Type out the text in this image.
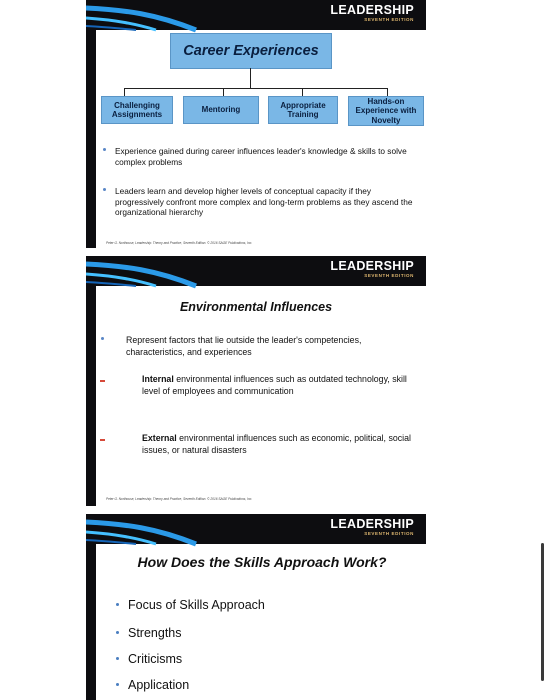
LEADERSHIP
SEVENTH EDITION
Career Experiences
Challenging Assignments
Mentoring
Appropriate Training
Hands-on Experience with Novelty
Experience gained during career influences leader's knowledge & skills to solve complex problems
Leaders learn and develop higher levels of conceptual capacity if they progressively confront more complex and long-term problems as they ascend the organizational hierarchy
Peter G. Northouse, Leadership: Theory and Practice, Seventh Edition. © 2016 SAGE Publications, Inc.
LEADERSHIP
SEVENTH EDITION
Environmental Influences
Represent factors that lie outside the leader's competencies, characteristics, and experiences
Internal environmental influences such as outdated technology, skill level of employees and communication
External environmental influences such as economic, political, social issues, or natural disasters
Peter G. Northouse, Leadership: Theory and Practice, Seventh Edition. © 2016 SAGE Publications, Inc.
LEADERSHIP
SEVENTH EDITION
How Does the Skills Approach Work?
Focus of Skills Approach
Strengths
Criticisms
Application
